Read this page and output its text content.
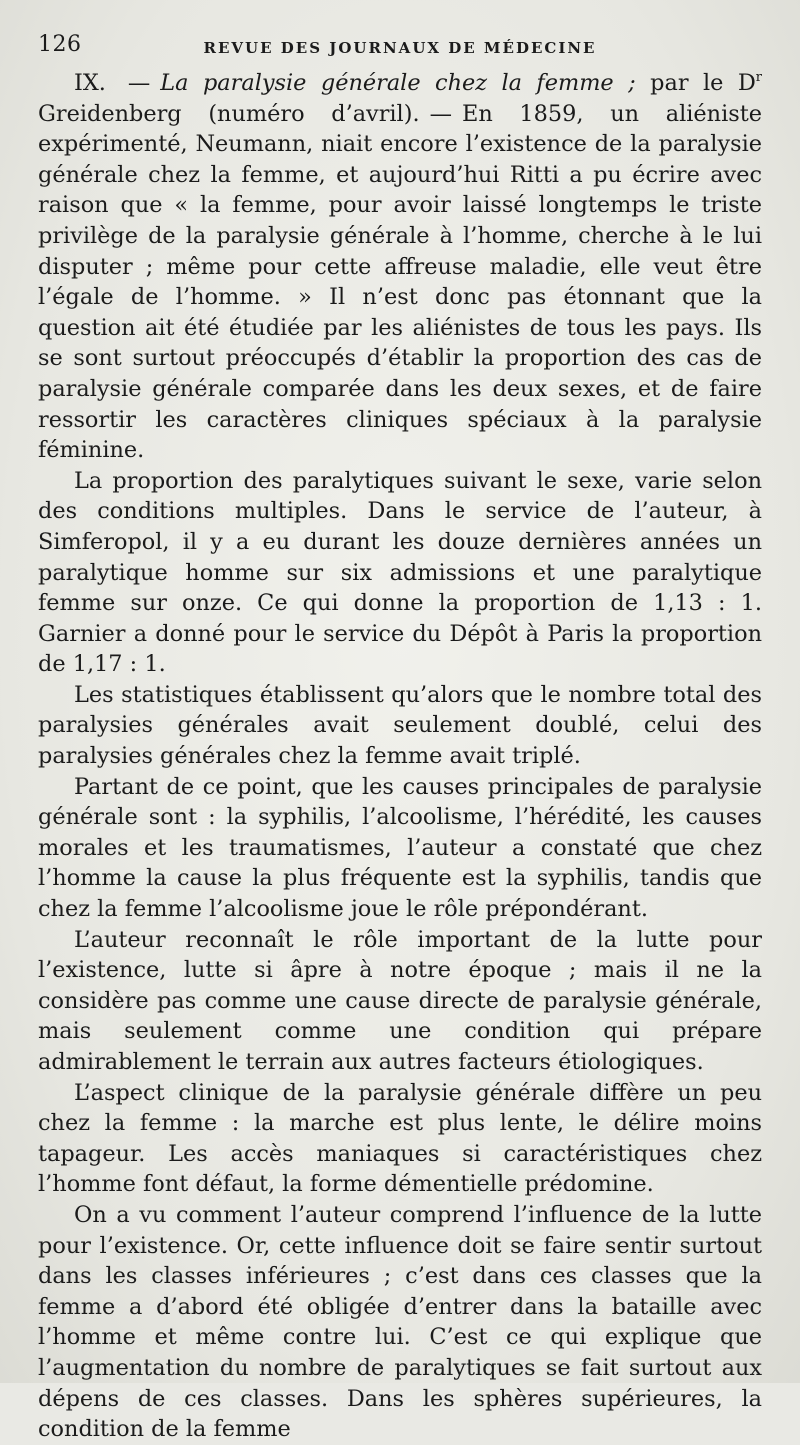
126	REVUE DES JOURNAUX DE MÉDECINE

IX. — La paralysie générale chez la femme ; par le $D^r$ Greidenberg (numéro d’avril). — En 1859, un aliéniste expérimenté, Neumann, niait encore l’existence de la paralysie générale chez la femme, et aujourd’hui Ritti a pu écrire avec raison que « la femme, pour avoir laissé longtemps le triste privilège de la paralysie générale à l’homme, cherche à le lui disputer ; même pour cette affreuse maladie, elle veut être l’égale de l’homme. » Il n’est donc pas étonnant que la question ait été étudiée par les aliénistes de tous les pays. Ils se sont surtout préoccupés d’établir la proportion des cas de paralysie générale comparée dans les deux sexes, et de faire ressortir les caractères cliniques spéciaux à la paralysie féminine.

La proportion des paralytiques suivant le sexe, varie selon des conditions multiples. Dans le service de l’auteur, à Simferopol, il y a eu durant les douze dernières années un paralytique homme sur six admissions et une paralytique femme sur onze. Ce qui donne la proportion de 1,13 : 1. Garnier a donné pour le service du Dépôt à Paris la proportion de 1,17 : 1.

Les statistiques établissent qu’alors que le nombre total des paralysies générales avait seulement doublé, celui des paralysies générales chez la femme avait triplé.

Partant de ce point, que les causes principales de paralysie générale sont : la syphilis, l’alcoolisme, l’hérédité, les causes morales et les traumatismes, l’auteur a constaté que chez l’homme la cause la plus fréquente est la syphilis, tandis que chez la femme l’alcoolisme joue le rôle prépondérant.

L’auteur reconnaît le rôle important de la lutte pour l’existence, lutte si âpre à notre époque ; mais il ne la considère pas comme une cause directe de paralysie générale, mais seulement comme une condition qui prépare admirablement le terrain aux autres facteurs étiologiques.

L’aspect clinique de la paralysie générale diffère un peu chez la femme : la marche est plus lente, le délire moins tapageur. Les accès maniaques si caractéristiques chez l’homme font défaut, la forme démentielle prédomine.

On a vu comment l’auteur comprend l’influence de la lutte pour l’existence. Or, cette influence doit se faire sentir surtout dans les classes inférieures ; c’est dans ces classes que la femme a d’abord été obligée d’entrer dans la bataille avec l’homme et même contre lui. C’est ce qui explique que l’augmentation du nombre de paralytiques se fait surtout aux dépens de ces classes. Dans les sphères supérieures, la condition de la femme
